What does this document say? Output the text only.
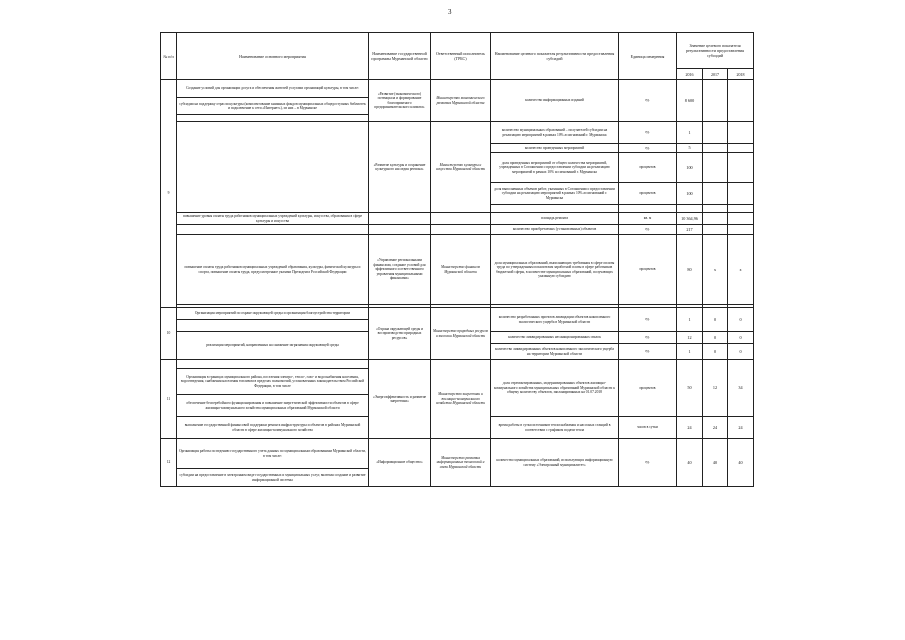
3
№ п/п	Наименование основного мероприятия	Наименование государственной программы Мурманской области	Ответственный исполнитель (ГРБС)	Наименование целевого показателя результативности предоставления субсидий	Единица измерения	Значение целевого показателя результативности предоставления субсидий		
						2016	2017	2018
9	Создание условий для организации досуга и обеспечения жителей услугами организаций культуры, в том числе:	«Развитие (экономического) потенциала и формирование благоприятного предпринимательского климата»	Министерство экономического развития Мурманской области	количество информационных изданий	ед.	8 600		
	субсидии на поддержку отрасли культуры (комплектование книжных фондов муниципальных общедоступных библиотек и подключение к сети «Интернет»), из них – в Мурманске							

		«Развитие культуры и сохранение культурного наследия региона»	Министерство культуры и искусства Мурманской области	количество муниципальных образований – получателей субсидии на реализацию мероприятий в рамках 10% ассигнований г. Мурманска	ед.	1		
				количество проведенных мероприятий	ед.	5		
				доля проведенных мероприятий от общего количества мероприятий, учрежденных в Соглашении о предоставлении субсидии на реализацию мероприятий в рамках 10% ассигнований г. Мурманска	процентов	100		
				доля выполненных объемов работ, указанных в Соглашении о предоставлении субсидии на реализацию мероприятий в рамках 10% ассигнований г. Мурманска	процентов	100		

	повышение уровня оплаты труда работников муниципальных учреждений культуры, искусства, образования в сфере культуры и искусства			площадь ремонта	кв. м	10 364,96		
				количество приобретаемых (установленных) объектов	ед.	217		
	повышение оплаты труда работников муниципальных учреждений образования, культуры, физической культуры и спорта, повышение оплаты труда, предусмотренное указами Президента Российской Федерации	«Управление региональными финансами, создание условий для эффективного и ответственного управления муниципальными финансами»	Министерство финансов Мурманской области	доля муниципальных образований, выполняющих требования в сфере оплаты труда по утвержденным показателям заработной платы в сфере работников бюджетной сферы, в количестве муниципальных образований, получающих указанную субсидию	процентов	80	х	х

10	Организация мероприятий по охране окружающей среды и организация благоустройства территории	«Охрана окружающей среды и воспроизводство природных ресурсов»	Министерство природных ресурсов и экологии Мурманской области	количество разработанных проектов ликвидации объектов накопленного экологического ущерба в Мурманской области	ед.	1	0	0

	реализация мероприятий, направленных на снижение загрязнения окружающей среды			количество ликвидированных несанкционированных свалок	ед.	12	0	0
				количество ликвидированных объектов накопленного экологического ущерба на территории Мурманской области	ед.	1	0	0
11		«Энергоэффективность и развитие энергетики»	Министерство энергетики и жилищно-коммунального хозяйства Мурманской области	доля отремонтированных, модернизированных объектов жилищно-коммунального хозяйства муниципальных образований Мурманской области к общему количеству объектов, запланированных на 01.07.2018	процентов	50	12	34
	Организация в границах муниципального района, поселения электро-, тепло-, газо- и водоснабжения населения, водоотведения, снабжения населения топливом в пределах полномочий, установленных законодательством Российской Федерации, в том числе							
	обеспечение бесперебойного функционирования и повышение энергетической эффективности объектов в сфере жилищно-коммунального хозяйства муниципальных образований Мурманской области							
	выполнение государственной финансовой поддержки ремонта инфраструктуры и объектов в районах Мурманской области в сфере жилищно-коммунального хозяйства			время работы в сутки источников теплоснабжения и насосных станций в соответствии с графиком подачи тепла	часов в сутки	24	24	24
12	Организация работы по ведению государственного учета данных по муниципальным образованиям Мурманской области, в том числе:	«Информационное общество»	Министерство развития информационных технологий и связи Мурманской области	количество муниципальных образований, использующих информационную систему «Электронный муниципалитет»	ед.	40	40	40
	субсидии на предоставление в электронном виде государственных и муниципальных услуг, включая создание и развитие информационной системы							
